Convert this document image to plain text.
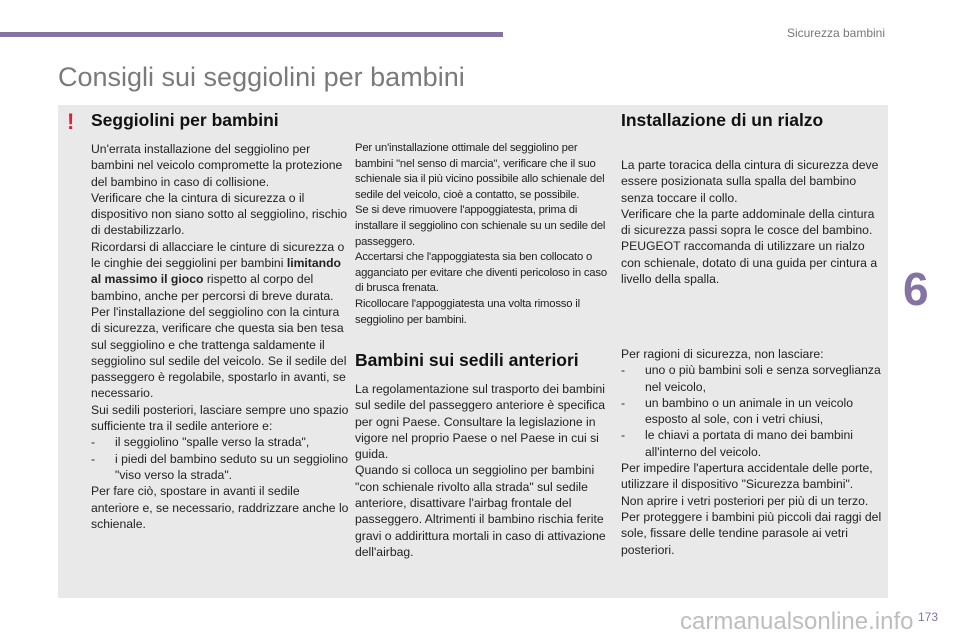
Sicurezza bambini
Consigli sui seggiolini per bambini
6
! Seggiolini per bambini

Un'errata installazione del seggiolino per bambini nel veicolo compromette la protezione del bambino in caso di collisione.

Verificare che la cintura di sicurezza o il dispositivo non siano sotto al seggiolino, rischio di destabilizzarlo.

Ricordarsi di allacciare le cinture di sicurezza o le cinghie dei seggiolini per bambini limitando al massimo il gioco rispetto al corpo del bambino, anche per percorsi di breve durata.

Per l'installazione del seggiolino con la cintura di sicurezza, verificare che questa sia ben tesa sul seggiolino e che trattenga saldamente il seggiolino sul sedile del veicolo. Se il sedile del passeggero è regolabile, spostarlo in avanti, se necessario.

Sui sedili posteriori, lasciare sempre uno spazio sufficiente tra il sedile anteriore e:

-	il seggiolino "spalle verso la strada",
-	i piedi del bambino seduto su un seggiolino "viso verso la strada".

Per fare ciò, spostare in avanti il sedile anteriore e, se necessario, raddrizzare anche lo schienale.

Per un'installazione ottimale del seggiolino per bambini "nel senso di marcia", verificare che il suo schienale sia il più vicino possibile allo schienale del sedile del veicolo, cioè a contatto, se possibile.

Se si deve rimuovere l'appoggiatesta, prima di installare il seggiolino con schienale su un sedile del passeggero.

Accertarsi che l'appoggiatesta sia ben collocato o agganciato per evitare che diventi pericoloso in caso di brusca frenata.

Ricollocare l'appoggiatesta una volta rimosso il seggiolino per bambini.

Bambini sui sedili anteriori

La regolamentazione sul trasporto dei bambini sul sedile del passeggero anteriore è specifica per ogni Paese. Consultare la legislazione in vigore nel proprio Paese o nel Paese in cui si guida.

Quando si colloca un seggiolino per bambini "con schienale rivolto alla strada" sul sedile anteriore, disattivare l'airbag frontale del passeggero. Altrimenti il bambino rischia ferite gravi o addirittura mortali in caso di attivazione dell'airbag.

Installazione di un rialzo

La parte toracica della cintura di sicurezza deve essere posizionata sulla spalla del bambino senza toccare il collo.

Verificare che la parte addominale della cintura di sicurezza passi sopra le cosce del bambino.

PEUGEOT raccomanda di utilizzare un rialzo con schienale, dotato di una guida per cintura a livello della spalla.

Per ragioni di sicurezza, non lasciare:

-	uno o più bambini soli e senza sorveglianza nel veicolo,
-	un bambino o un animale in un veicolo esposto al sole, con i vetri chiusi,
-	le chiavi a portata di mano dei bambini all'interno del veicolo.

Per impedire l'apertura accidentale delle porte, utilizzare il dispositivo "Sicurezza bambini".

Non aprire i vetri posteriori per più di un terzo.

Per proteggere i bambini più piccoli dai raggi del sole, fissare delle tendine parasole ai vetri posteriori.

173
carmanualsonline.info
